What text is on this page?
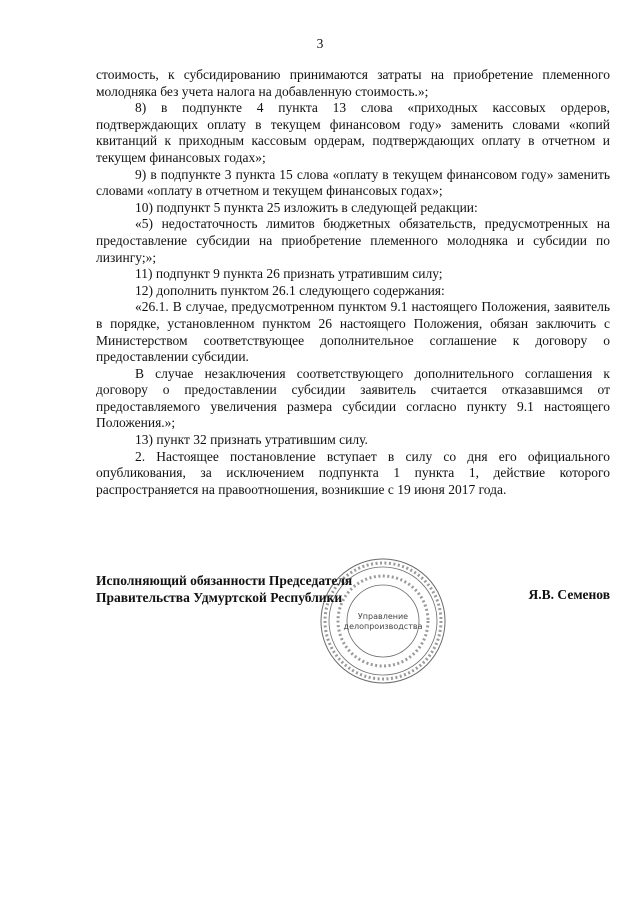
3

стоимость, к субсидированию принимаются затраты на приобретение племенного молодняка без учета налога на добавленную стоимость.»;

8) в подпункте 4 пункта 13 слова «приходных кассовых ордеров, подтверждающих оплату в текущем финансовом году» заменить словами «копий квитанций к приходным кассовым ордерам, подтверждающих оплату в отчетном и текущем финансовых годах»;

9) в подпункте 3 пункта 15 слова «оплату в текущем финансовом году» заменить словами «оплату в отчетном и текущем финансовых годах»;

10) подпункт 5 пункта 25 изложить в следующей редакции:

«5) недостаточность лимитов бюджетных обязательств, предусмотренных на предоставление субсидии на приобретение племенного молодняка и субсидии по лизингу;»;

11) подпункт 9 пункта 26 признать утратившим силу;

12) дополнить пунктом 26.1 следующего содержания:

«26.1. В случае, предусмотренном пунктом 9.1 настоящего Положения, заявитель в порядке, установленном пунктом 26 настоящего Положения, обязан заключить с Министерством соответствующее дополнительное соглашение к договору о предоставлении субсидии.

В случае незаключения соответствующего дополнительного соглашения к договору о предоставлении субсидии заявитель считается отказавшимся от предоставляемого увеличения размера субсидии согласно пункту 9.1 настоящего Положения.»;

13) пункт 32 признать утратившим силу.

2. Настоящее постановление вступает в силу со дня его официального опубликования, за исключением подпункта 1 пункта 1, действие которого распространяется на правоотношения, возникшие с 19 июня 2017 года.

Управление
делопроизводства
Исполняющий обязанности Председателя
Правительства Удмуртской Республики	Я.В. Семенов
